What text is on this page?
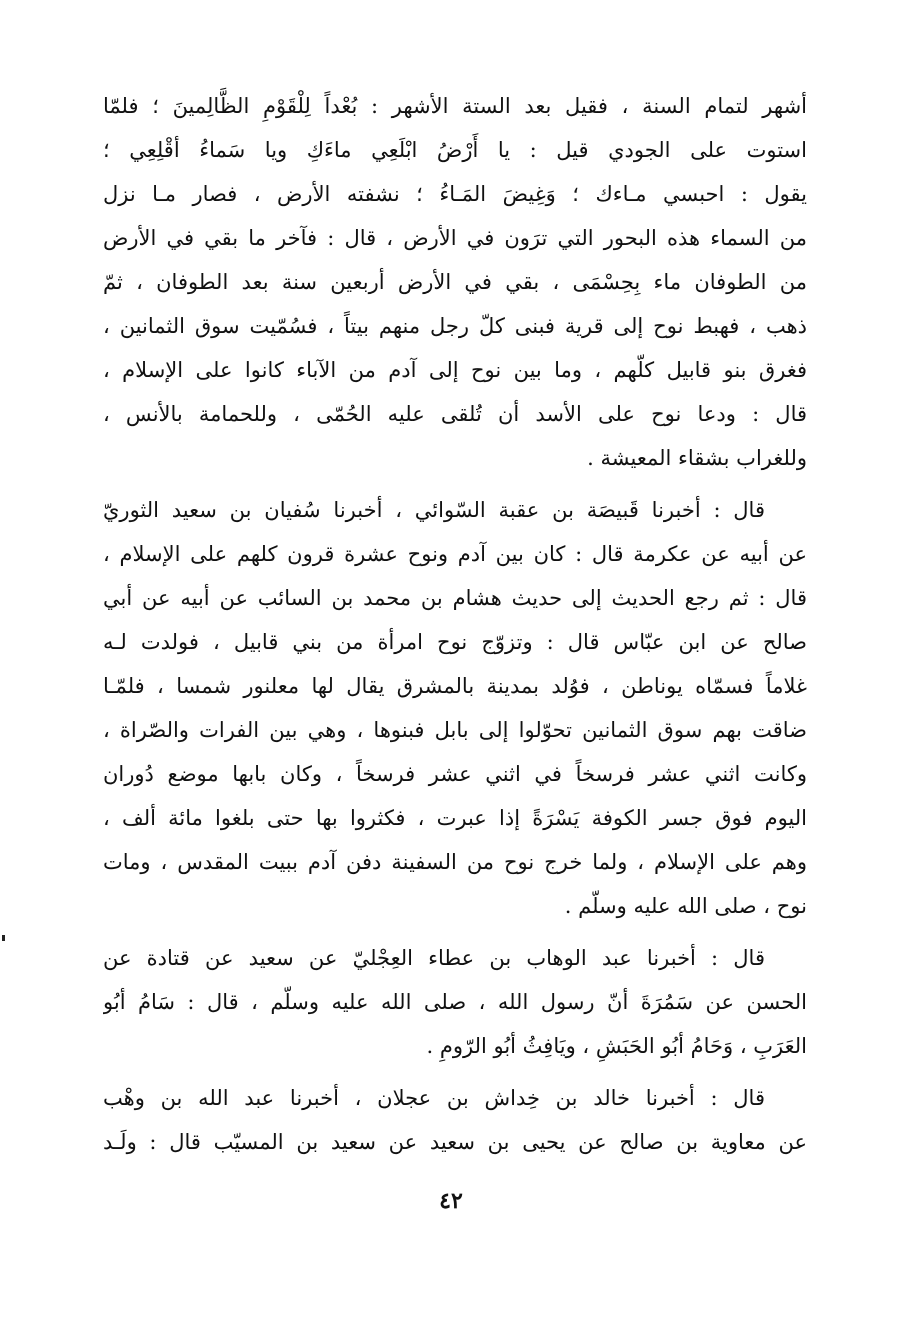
أشهر لتمام السنة ، فقيل بعد الستة الأشهر : بُعْداً لِلْقَوْمِ الظَّالِمينَ ؛ فلمّا
استوت على الجودي قيل : يا أَرْضُ ابْلَعِي ماءَكِ ويا سَماءُ أقْلِعِي ؛
يقول : احبسي مـاءك ؛ وَغِيضَ المَـاءُ ؛ نشفته الأرض ، فصار مـا نزل
من السماء هذه البحور التي ترَون في الأرض ، قال : فآخر ما بقي في الأرض
من الطوفان ماء بِحِسْمَى ، بقي في الأرض أربعين سنة بعد الطوفان ، ثمّ
ذهب ، فهبط نوح إلى قرية فبنى كلّ رجل منهم بيتاً ، فسُمّيت سوق الثمانين ،
فغرق بنو قابيل كلّهم ، وما بين نوح إلى آدم من الآباء كانوا على الإسلام ،
قال : ودعا نوح على الأسد أن تُلقى عليه الحُمّى ، وللحمامة بالأنس ،
وللغراب بشقاء المعيشة .
قال : أخبرنا قَبيصَة بن عقبة السّوائي ، أخبرنا سُفيان بن سعيد الثوريّ
عن أبيه عن عكرمة قال : كان بين آدم ونوح عشرة قرون كلهم على الإسلام ،
قال : ثم رجع الحديث إلى حديث هشام بن محمد بن السائب عن أبيه عن أبي
صالح عن ابن عبّاس قال : وتزوّج نوح امرأة من بني قابيل ، فولدت لـه
غلاماً فسمّاه يوناطن ، فوُلد بمدينة بالمشرق يقال لها معلنور شمسا ، فلمّـا
ضاقت بهم سوق الثمانين تحوّلوا إلى بابل فبنوها ، وهي بين الفرات والصّراة ،
وكانت اثني عشر فرسخاً في اثني عشر فرسخاً ، وكان بابها موضع دُوران
اليوم فوق جسر الكوفة يَسْرَةً إذا عبرت ، فكثروا بها حتى بلغوا مائة ألف ،
وهم على الإسلام ، ولما خرج نوح من السفينة دفن آدم ببيت المقدس ، ومات
نوح ، صلى الله عليه وسلّم .
قال : أخبرنا عبد الوهاب بن عطاء العِجْليّ عن سعيد عن قتادة عن
الحسن عن سَمُرَةَ أنّ رسول الله ، صلى الله عليه وسلّم ، قال : سَامُ أبُو
العَرَبِ ، وَحَامُ أبُو الحَبَشِ ، ويَافِثُ أبُو الرّومِ .
قال : أخبرنا خالد بن خِداش بن عجلان ، أخبرنا عبد الله بن وهْب
عن معاوية بن صالح عن يحيى بن سعيد عن سعيد بن المسيّب قال : ولَـد
٤٢
